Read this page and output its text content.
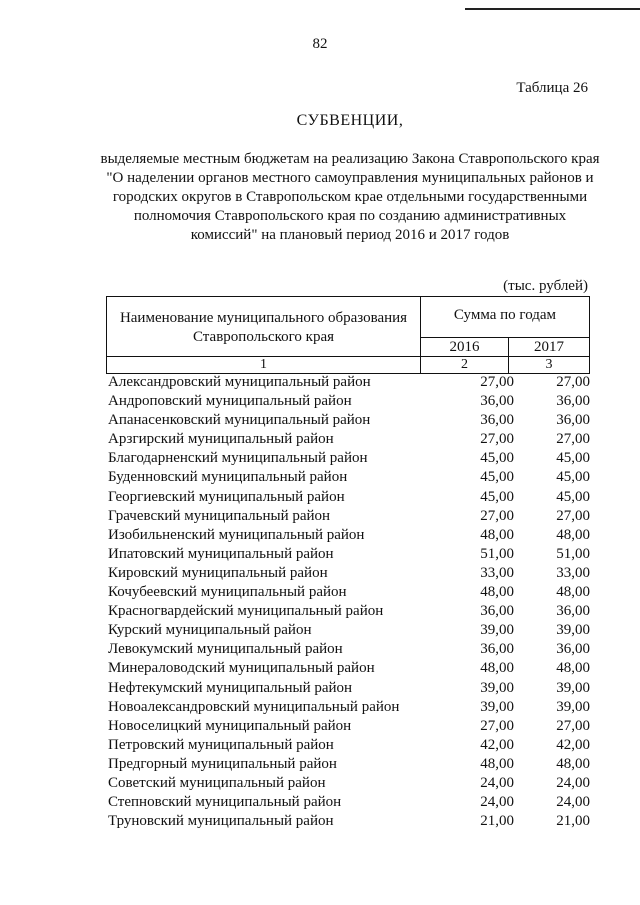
82
Таблица 26
СУБВЕНЦИИ,
выделяемые местным бюджетам на реализацию Закона Ставропольского края "О наделении органов местного самоуправления муниципальных районов и городских округов в Ставропольском крае отдельными государственными полномочия Ставропольского края по созданию административных комиссий" на плановый период 2016 и 2017 годов
(тыс. рублей)
Наименование муниципального образования Ставропольского края
Сумма по годам
2016	2017
1	2	3
Александровский муниципальный район	27,00	27,00
Андроповский муниципальный район	36,00	36,00
Апанасенковский муниципальный район	36,00	36,00
Арзгирский муниципальный район	27,00	27,00
Благодарненский муниципальный район	45,00	45,00
Буденновский муниципальный район	45,00	45,00
Георгиевский муниципальный район	45,00	45,00
Грачевский муниципальный район	27,00	27,00
Изобильненский муниципальный район	48,00	48,00
Ипатовский муниципальный район	51,00	51,00
Кировский муниципальный район	33,00	33,00
Кочубеевский муниципальный район	48,00	48,00
Красногвардейский муниципальный район	36,00	36,00
Курский муниципальный район	39,00	39,00
Левокумский муниципальный район	36,00	36,00
Минераловодский муниципальный район	48,00	48,00
Нефтекумский муниципальный район	39,00	39,00
Новоалександровский муниципальный район	39,00	39,00
Новоселицкий муниципальный район	27,00	27,00
Петровский муниципальный район	42,00	42,00
Предгорный муниципальный район	48,00	48,00
Советский муниципальный район	24,00	24,00
Степновский муниципальный район	24,00	24,00
Труновский муниципальный район	21,00	21,00
